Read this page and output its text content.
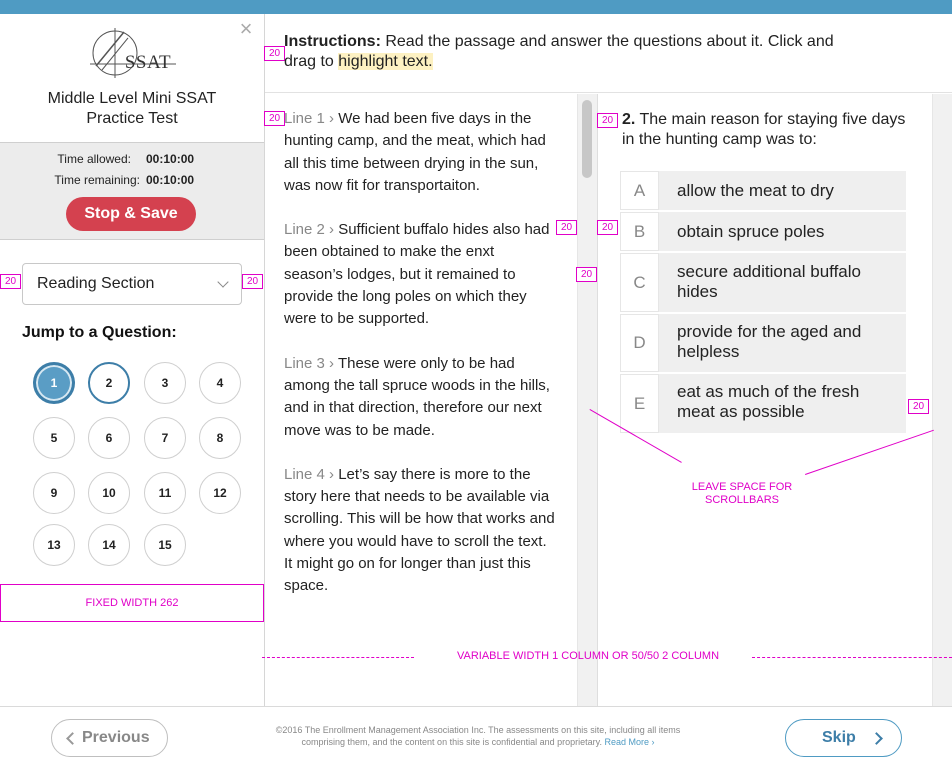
×
SSAT
Middle Level Mini SSAT
Practice Test
Time allowed: 00:10:00
Time remaining: 00:10:00
Stop & Save
20	Reading Section	20
Jump to a Question:
1	2	3	4
5	6	7	8
9	10	11	12
13	14	15
FIXED WIDTH 262
20
Instructions: Read the passage and answer the questions about it. Click and drag to highlight text.
20 Line 1 › We had been five days in the hunting camp, and the meat, which had all this time between drying in the sun, was now fit for transportaiton.
Line 2 › Sufficient buffalo hides also had been obtained to make the enxt season’s lodges, but it remained to provide the long poles on which they were to be supported.
Line 3 › These were only to be had among the tall spruce woods in the hills, and in that direction, therefore our next move was to be made.
Line 4 › Let’s say there is more to the story here that needs to be available via scrolling. This will be how that works and where you would have to scroll the text. It might go on for longer than just this space.
20
20
20 2. The main reason for staying five days in the hunting camp was to:
20
A	allow the meat to dry
B	obtain spruce poles
C
secure additional buffalo hides
D
provide for the aged and helpless
E
eat as much of the fresh meat as possible	20
LEAVE SPACE FOR
SCROLLBARS
VARIABLE WIDTH 1 COLUMN OR 50/50 2 COLUMN
Previous	©2016 The Enrollment Management Association Inc. The assessments on this site, including all items
comprising them, and the content on this site is confidential and proprietary. Read More ›	Skip
